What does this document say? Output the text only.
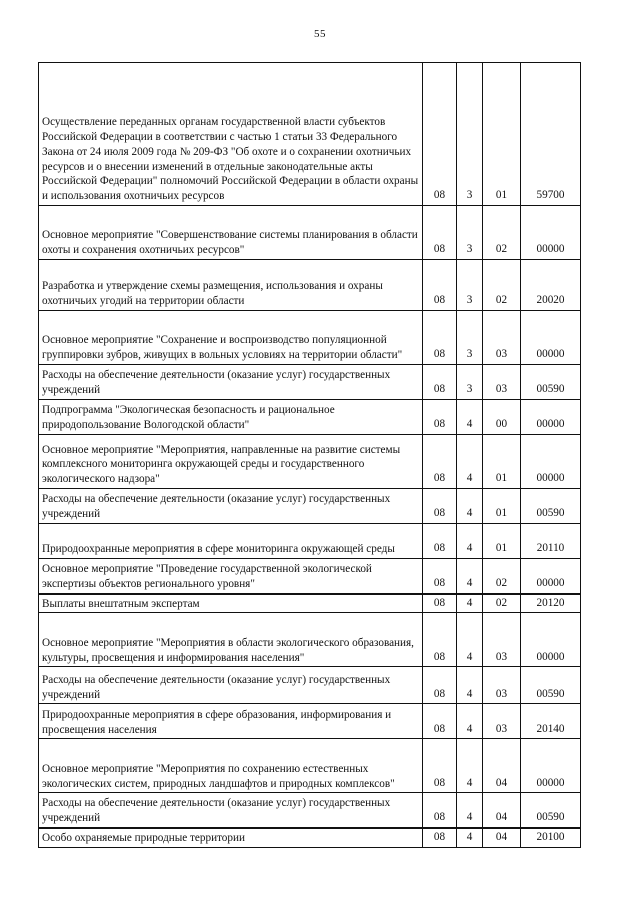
55
Осуществление переданных органам государственной власти субъектов Российской Федерации в соответствии с частью 1 статьи 33 Федерального Закона от 24 июля 2009 года № 209-ФЗ "Об охоте и о сохранении охотничьих ресурсов и о внесении изменений в отдельные законодательные акты Российской Федерации" полномочий Российской Федерации в области охраны и использования охотничьих ресурсов	08	3	01	59700
Основное мероприятие "Совершенствование системы планирования в области охоты и сохранения охотничьих ресурсов"	08	3	02	00000
Разработка и утверждение схемы размещения, использования и охраны охотничьих угодий на территории области	08	3	02	20020
Основное мероприятие "Сохранение и воспроизводство популяционной группировки зубров, живущих в вольных условиях на территории области"	08	3	03	00000
Расходы на обеспечение деятельности (оказание услуг) государственных учреждений	08	3	03	00590
Подпрограмма "Экологическая безопасность и рациональное природопользование Вологодской области"	08	4	00	00000
Основное мероприятие "Мероприятия, направленные на развитие системы комплексного мониторинга окружающей среды и государственного экологического надзора"	08	4	01	00000
Расходы на обеспечение деятельности (оказание услуг) государственных учреждений	08	4	01	00590
Природоохранные мероприятия в сфере мониторинга окружающей среды	08	4	01	20110
Основное мероприятие "Проведение государственной экологической экспертизы объектов регионального уровня"	08	4	02	00000
Выплаты внештатным экспертам	08	4	02	20120
Основное мероприятие "Мероприятия в области экологического образования, культуры, просвещения и информирования населения"	08	4	03	00000
Расходы на обеспечение деятельности (оказание услуг) государственных учреждений	08	4	03	00590
Природоохранные мероприятия в сфере образования, информирования и просвещения населения	08	4	03	20140
Основное мероприятие "Мероприятия по сохранению естественных экологических систем, природных ландшафтов и природных комплексов"	08	4	04	00000
Расходы на обеспечение деятельности (оказание услуг) государственных учреждений	08	4	04	00590
Особо охраняемые природные территории	08	4	04	20100
